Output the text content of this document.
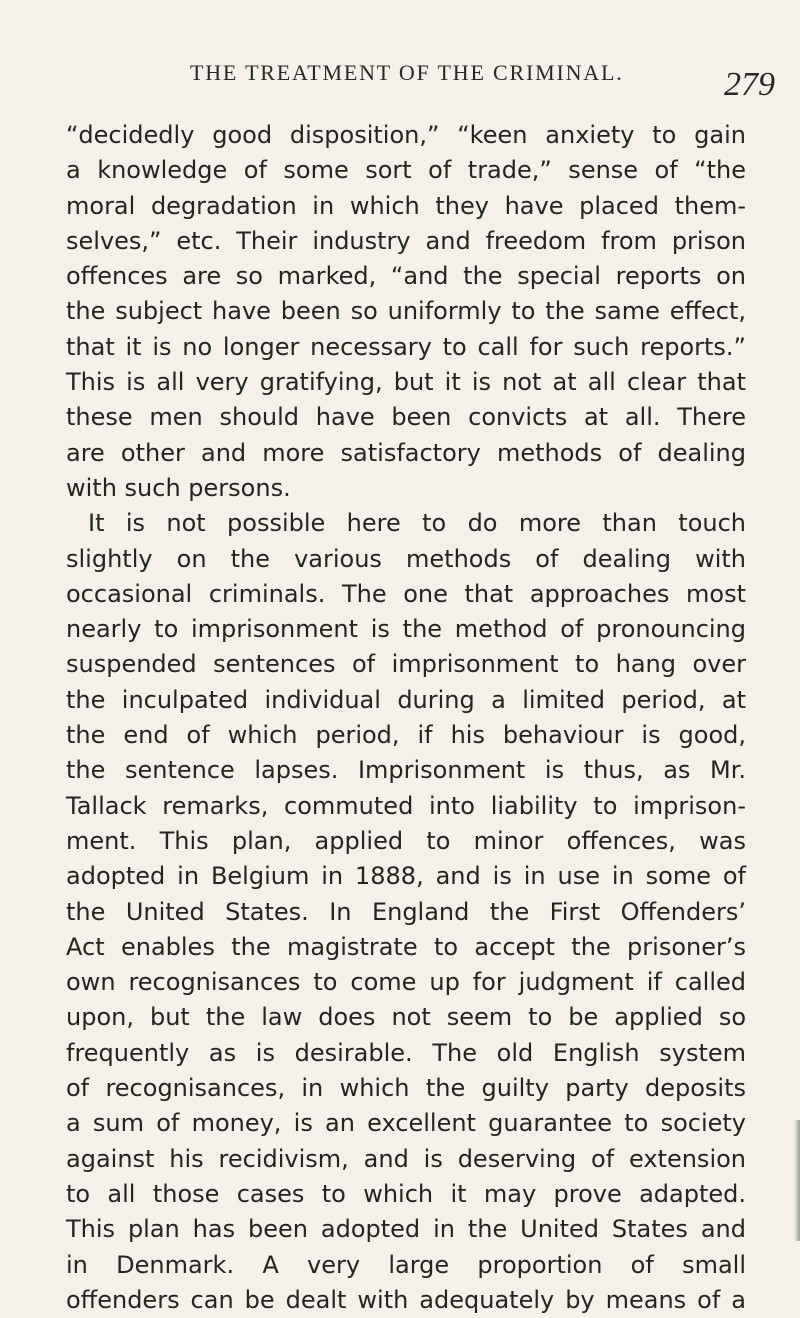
THE TREATMENT OF THE CRIMINAL.	279
“decidedly good disposition,” “keen anxiety to gain
a knowledge of some sort of trade,” sense of “the
moral degradation in which they have placed them-
selves,” etc. Their industry and freedom from prison
offences are so marked, “and the special reports on
the subject have been so uniformly to the same effect,
that it is no longer necessary to call for such reports.”
This is all very gratifying, but it is not at all clear that
these men should have been convicts at all. There
are other and more satisfactory methods of dealing
with such persons.
It is not possible here to do more than touch
slightly on the various methods of dealing with
occasional criminals. The one that approaches most
nearly to imprisonment is the method of pronouncing
suspended sentences of imprisonment to hang over
the inculpated individual during a limited period, at
the end of which period, if his behaviour is good,
the sentence lapses. Imprisonment is thus, as Mr.
Tallack remarks, commuted into liability to imprison-
ment. This plan, applied to minor offences, was
adopted in Belgium in 1888, and is in use in some of
the United States. In England the First Offenders’
Act enables the magistrate to accept the prisoner’s
own recognisances to come up for judgment if called
upon, but the law does not seem to be applied so
frequently as is desirable. The old English system
of recognisances, in which the guilty party deposits
a sum of money, is an excellent guarantee to society
against his recidivism, and is deserving of extension
to all those cases to which it may prove adapted.
This plan has been adopted in the United States and
in Denmark. A very large proportion of small
offenders can be dealt with adequately by means of a
